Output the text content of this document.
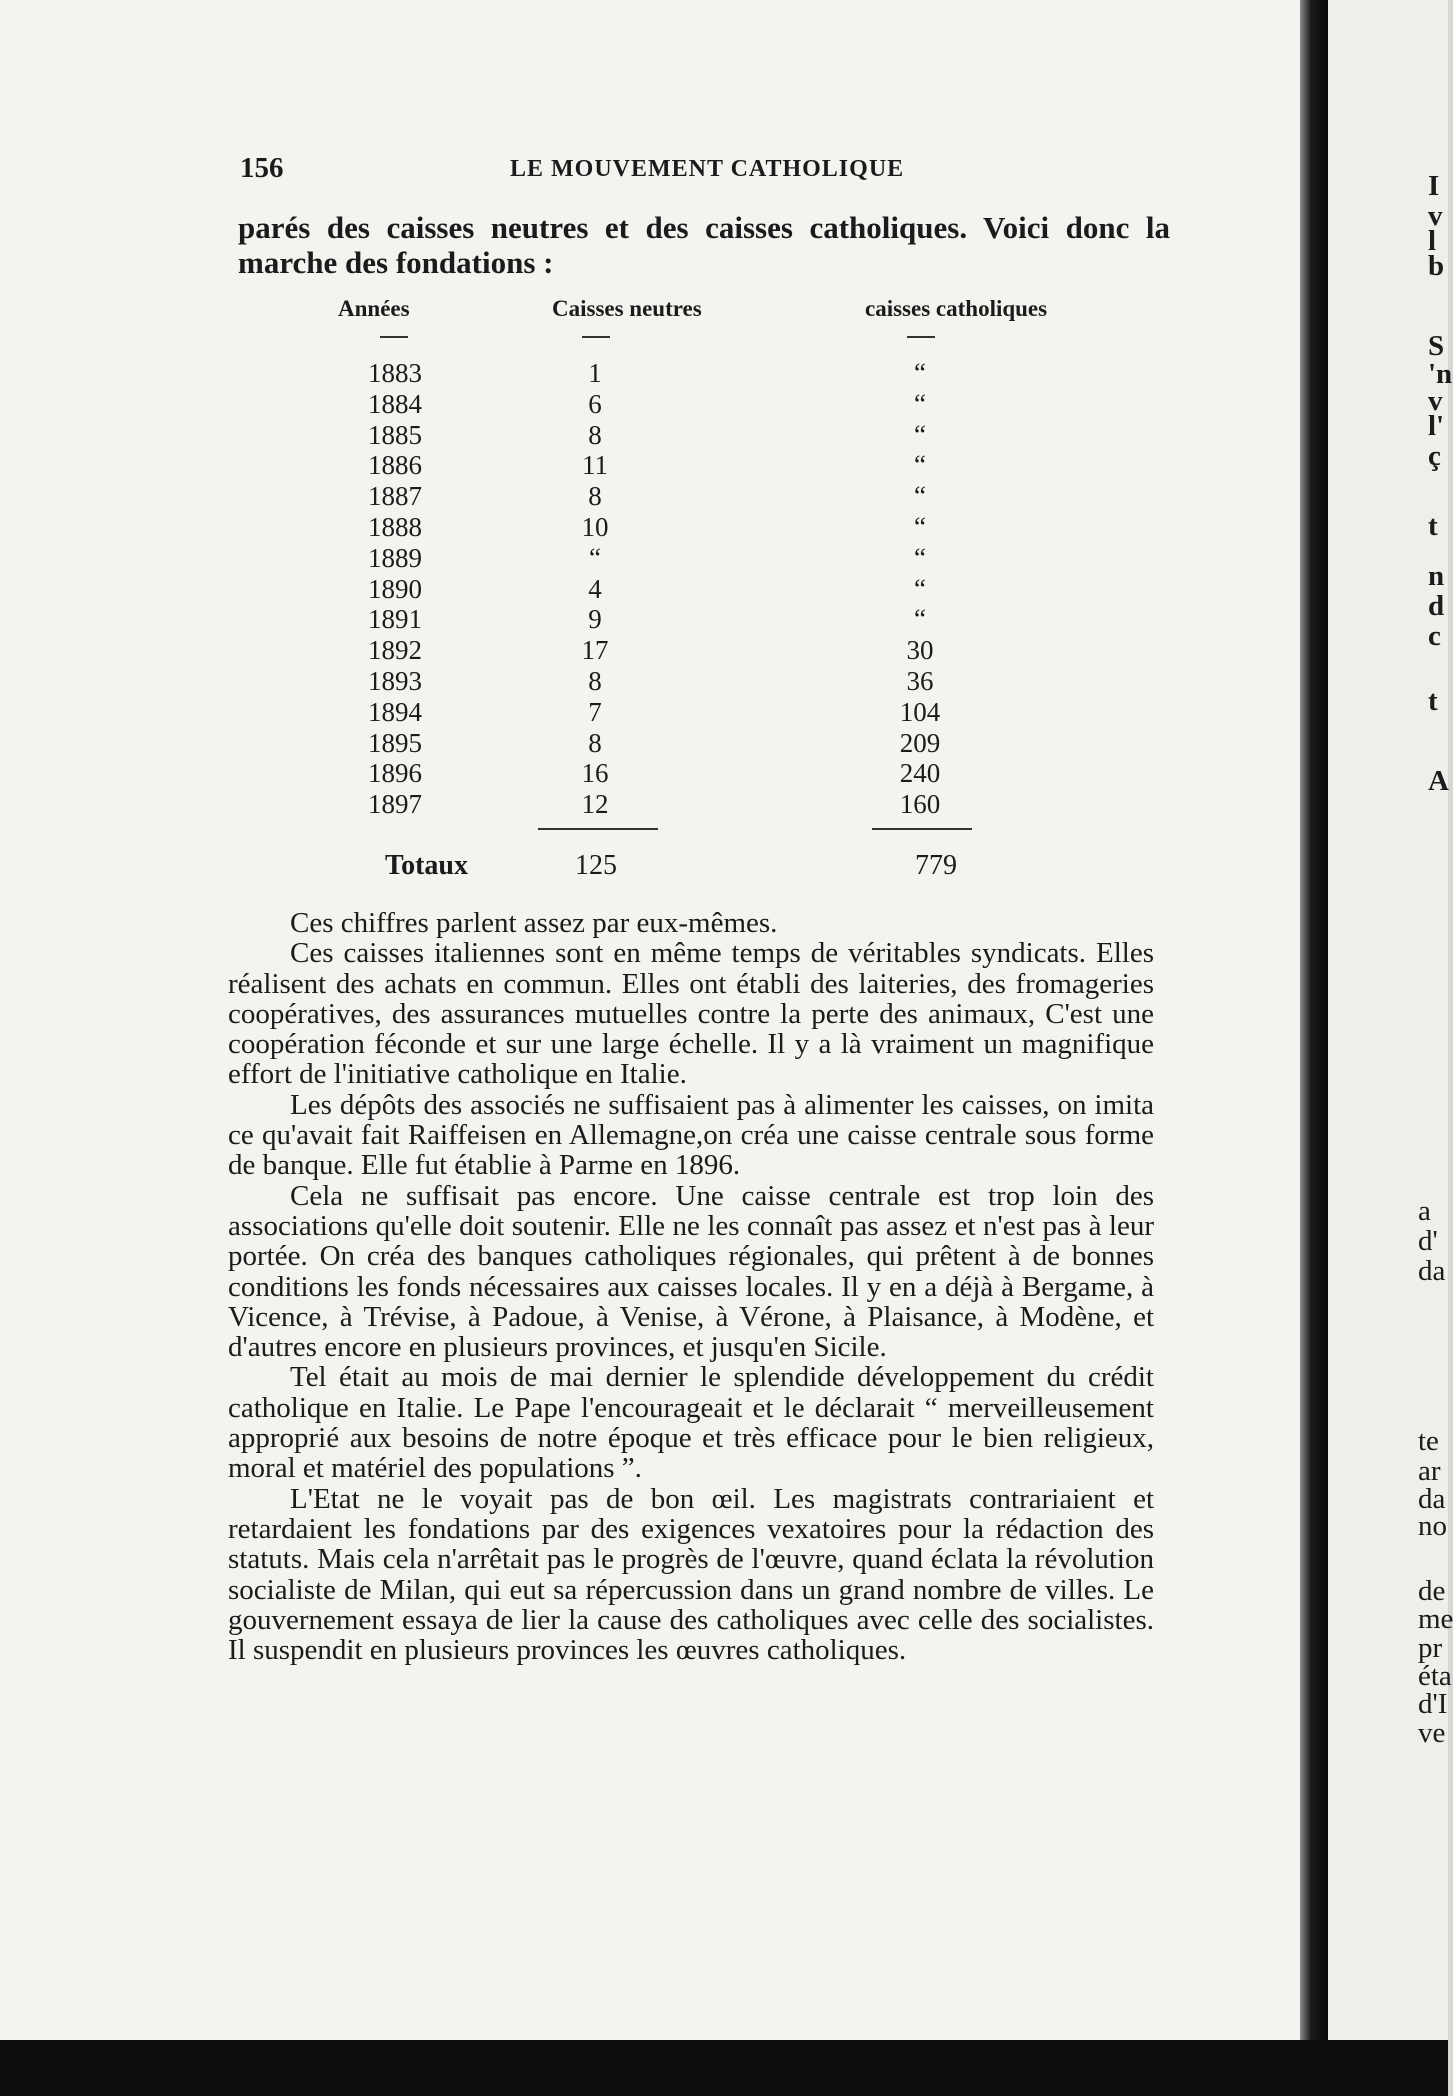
156	LE MOUVEMENT CATHOLIQUE

parés des caisses neutres et des caisses catholiques. Voici donc la marche des fondations :

Années	Caisses neutres	caisses catholiques
1883	1	“
1884	6	“
1885	8	“
1886	11	“
1887	8	“
1888	10	“
1889	“	“
1890	4	“
1891	9	“
1892	17	30
1893	8	36
1894	7	104
1895	8	209
1896	16	240
1897	12	160
Totaux	125	779

Ces chiffres parlent assez par eux-mêmes.

Ces caisses italiennes sont en même temps de véritables syndicats. Elles réalisent des achats en commun. Elles ont établi des laiteries, des fromageries coopératives, des assurances mutuelles contre la perte des animaux, C'est une coopération féconde et sur une large échelle. Il y a là vraiment un magnifique effort de l'initiative catholique en Italie.

Les dépôts des associés ne suffisaient pas à alimenter les caisses, on imita ce qu'avait fait Raiffeisen en Allemagne,on créa une caisse centrale sous forme de banque. Elle fut établie à Parme en 1896.

Cela ne suffisait pas encore. Une caisse centrale est trop loin des associations qu'elle doit soutenir. Elle ne les connaît pas assez et n'est pas à leur portée. On créa des banques catholiques régionales, qui prêtent à de bonnes conditions les fonds nécessaires aux caisses locales. Il y en a déjà à Bergame, à Vicence, à Trévise, à Padoue, à Venise, à Vérone, à Plaisance, à Modène, et d'autres encore en plusieurs provinces, et jusqu'en Sicile.

Tel était au mois de mai dernier le splendide développement du crédit catholique en Italie. Le Pape l'encourageait et le déclarait “ merveilleusement approprié aux besoins de notre époque et très efficace pour le bien religieux, moral et matériel des populations ”.

L'Etat ne le voyait pas de bon œil. Les magistrats contrariaient et retardaient les fondations par des exigences vexatoires pour la rédaction des statuts. Mais cela n'arrêtait pas le progrès de l'œuvre, quand éclata la révolution socialiste de Milan, qui eut sa répercussion dans un grand nombre de villes. Le gouvernement essaya de lier la cause des catholiques avec celle des socialistes. Il suspendit en plusieurs provinces les œuvres catholiques.

I
v
l
b
S
'n
v
l'
ç
t
n
d
c
t
A
a
d'
da
te
ar
da
no
de
me
pr
éta
d'I
ve
